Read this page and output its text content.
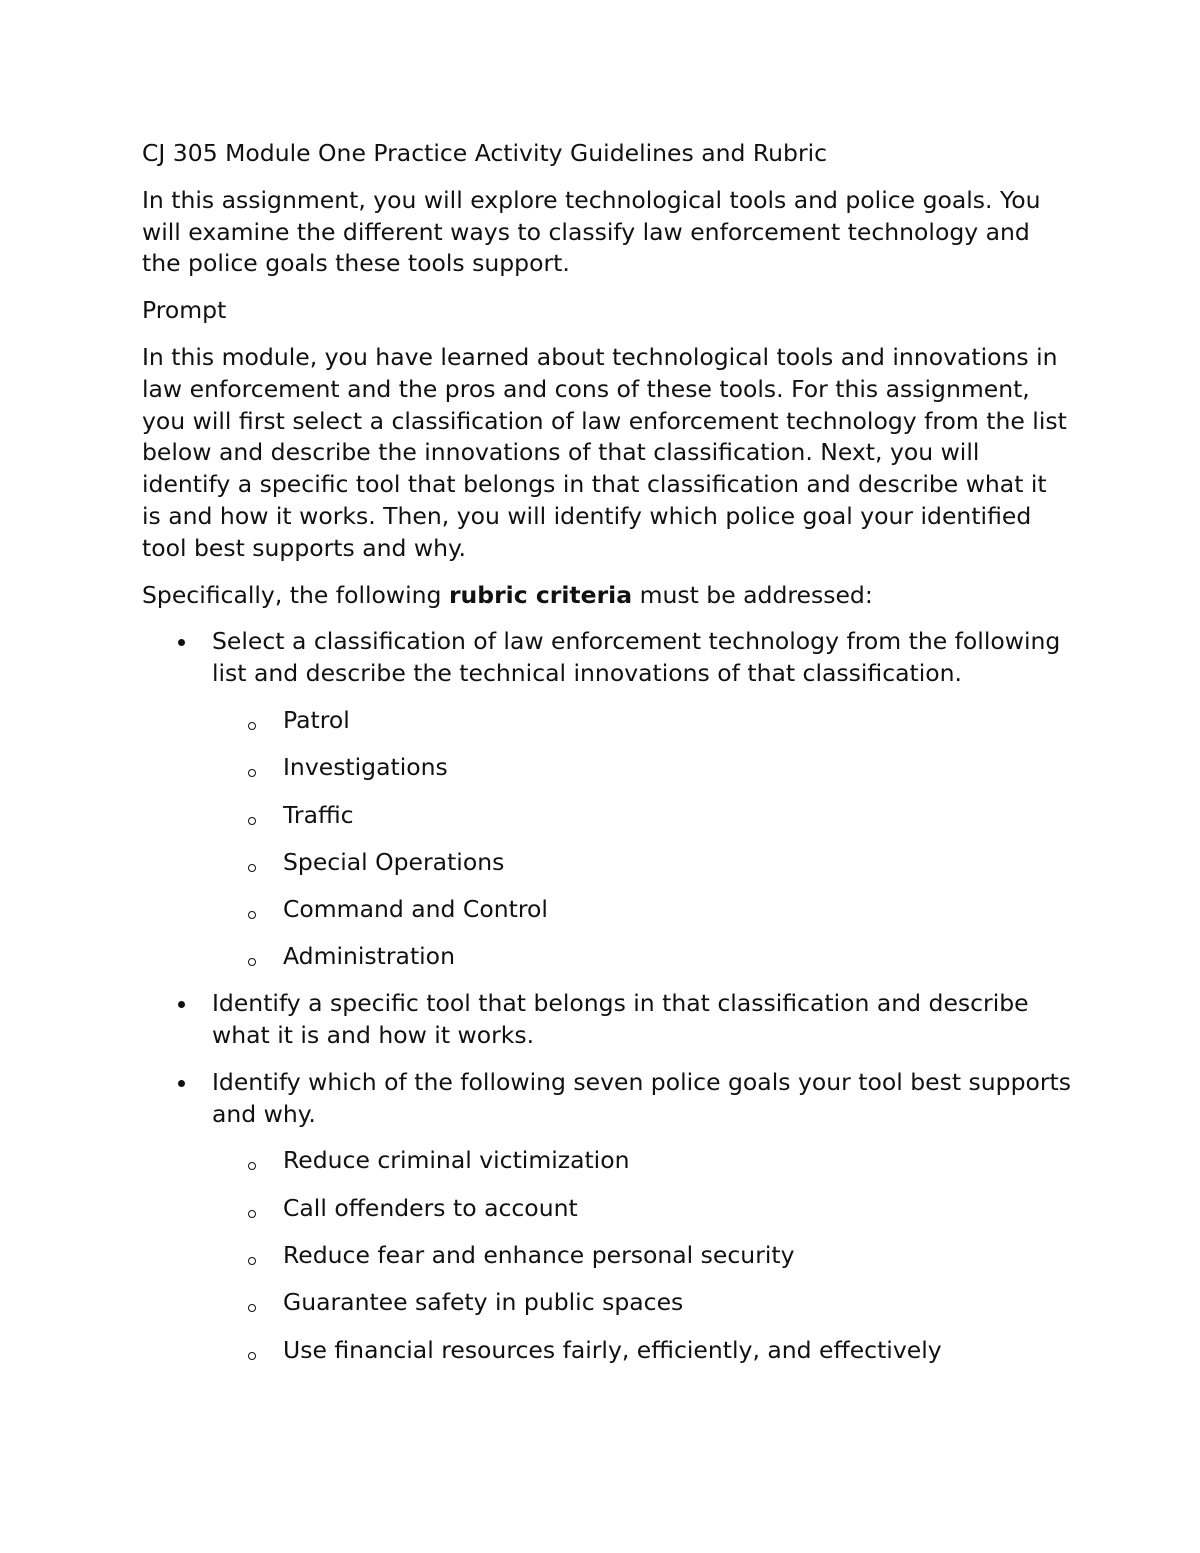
CJ 305 Module One Practice Activity Guidelines and Rubric

In this assignment, you will explore technological tools and police goals. You will examine the different ways to classify law enforcement technology and the police goals these tools support.

Prompt

In this module, you have learned about technological tools and innovations in law enforcement and the pros and cons of these tools. For this assignment, you will first select a classification of law enforcement technology from the list below and describe the innovations of that classification. Next, you will identify a specific tool that belongs in that classification and describe what it is and how it works. Then, you will identify which police goal your identified tool best supports and why.

Specifically, the following rubric criteria must be addressed:

Select a classification of law enforcement technology from the following list and describe the technical innovations of that classification.
Patrol
Investigations
Traffic
Special Operations
Command and Control
Administration
Identify a specific tool that belongs in that classification and describe what it is and how it works.
Identify which of the following seven police goals your tool best supports and why.
Reduce criminal victimization
Call offenders to account
Reduce fear and enhance personal security
Guarantee safety in public spaces
Use financial resources fairly, efficiently, and effectively
